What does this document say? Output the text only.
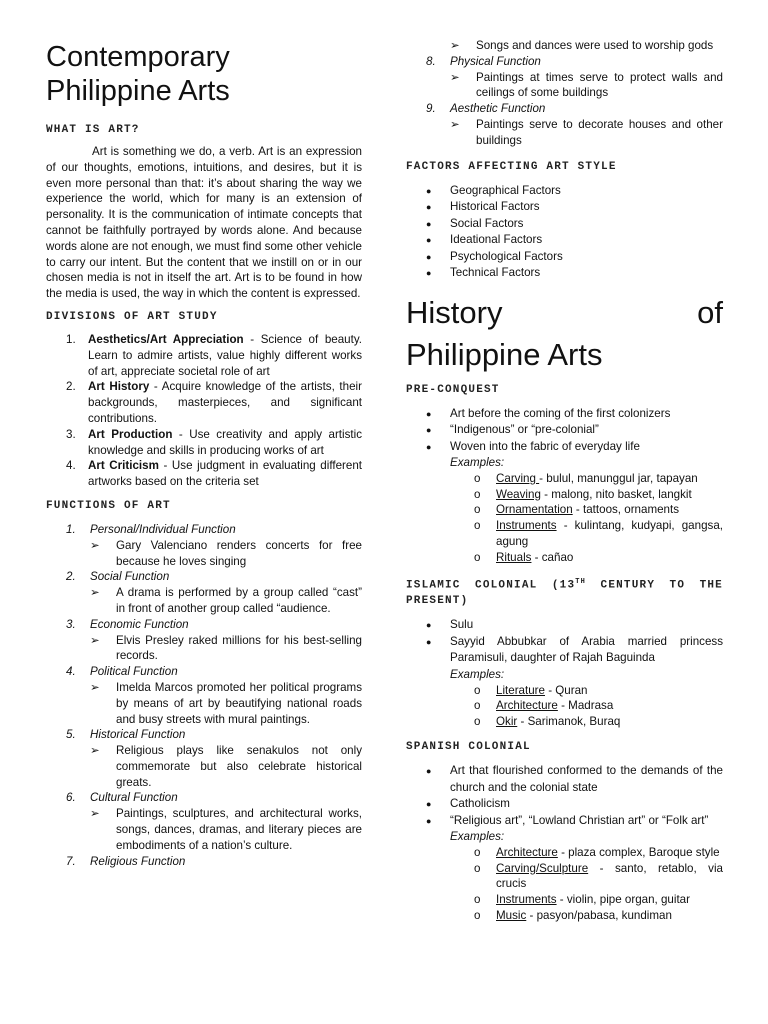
Contemporary
Philippine Arts
WHAT IS ART?

Art is something we do, a verb. Art is an expression of our thoughts, emotions, intuitions, and desires, but it is even more personal than that: it’s about sharing the way we experience the world, which for many is an extension of personality. It is the communication of intimate concepts that cannot be faithfully portrayed by words alone. And because words alone are not enough, we must find some other vehicle to carry our intent. But the content that we instill on or in our chosen media is not in itself the art. Art is to be found in how the media is used, the way in which the content is expressed.

DIVISIONS OF ART STUDY
1.	Aesthetics/Art Appreciation - Science of beauty. Learn to admire artists, value highly different works of art, appreciate societal role of art
2.	Art History - Acquire knowledge of the artists, their backgrounds, masterpieces, and significant contributions.
3.	Art Production - Use creativity and apply artistic knowledge and skills in producing works of art
4.	Art Criticism - Use judgment in evaluating different artworks based on the criteria set
FUNCTIONS OF ART
1.	Personal/Individual Function
➢	Gary Valenciano renders concerts for free because he loves singing
2.	Social Function
➢	A drama is performed by a group called “cast” in front of another group called “audience.
3.	Economic Function
➢	Elvis Presley raked millions for his best-selling records.
4.	Political Function
➢	Imelda Marcos promoted her political programs by means of art by beautifying national roads and busy streets with mural paintings.
5.	Historical Function
➢	Religious plays like senakulos not only commemorate but also celebrate historical greats.
6.	Cultural Function
➢	Paintings, sculptures, and architectural works, songs, dances, dramas, and literary pieces are embodiments of a nation’s culture.
7.	Religious Function
➢	Songs and dances were used to worship gods
8.	Physical Function
➢	Paintings at times serve to protect walls and ceilings of some buildings
9.	Aesthetic Function
➢	Paintings serve to decorate houses and other buildings
FACTORS AFFECTING ART STYLE
●	Geographical Factors
●	Historical Factors
●	Social Factors
●	Ideational Factors
●	Psychological Factors
●	Technical Factors
History	of
Philippine Arts
PRE-CONQUEST
●	Art before the coming of the first colonizers
●	“Indigenous” or “pre-colonial”
●	Woven into the fabric of everyday life
Examples:
o	Carving - bulul, manunggul jar, tapayan
o	Weaving - malong, nito basket, langkit
o	Ornamentation - tattoos, ornaments
o	Instruments - kulintang, kudyapi, gangsa, agung
o	Rituals - cañao
ISLAMIC COLONIAL (13TH CENTURY TO THE PRESENT)
●	Sulu
●	Sayyid Abbubkar of Arabia married princess Paramisuli, daughter of Rajah Baguinda
Examples:
o	Literature - Quran
o	Architecture - Madrasa
o	Okir - Sarimanok, Buraq
SPANISH COLONIAL
●	Art that flourished conformed to the demands of the church and the colonial state
●	Catholicism
●	“Religious art”, “Lowland Christian art” or “Folk art”
Examples:
o	Architecture - plaza complex, Baroque style
o	Carving/Sculpture - santo, retablo, via crucis
o	Instruments - violin, pipe organ, guitar
o	Music - pasyon/pabasa, kundiman
